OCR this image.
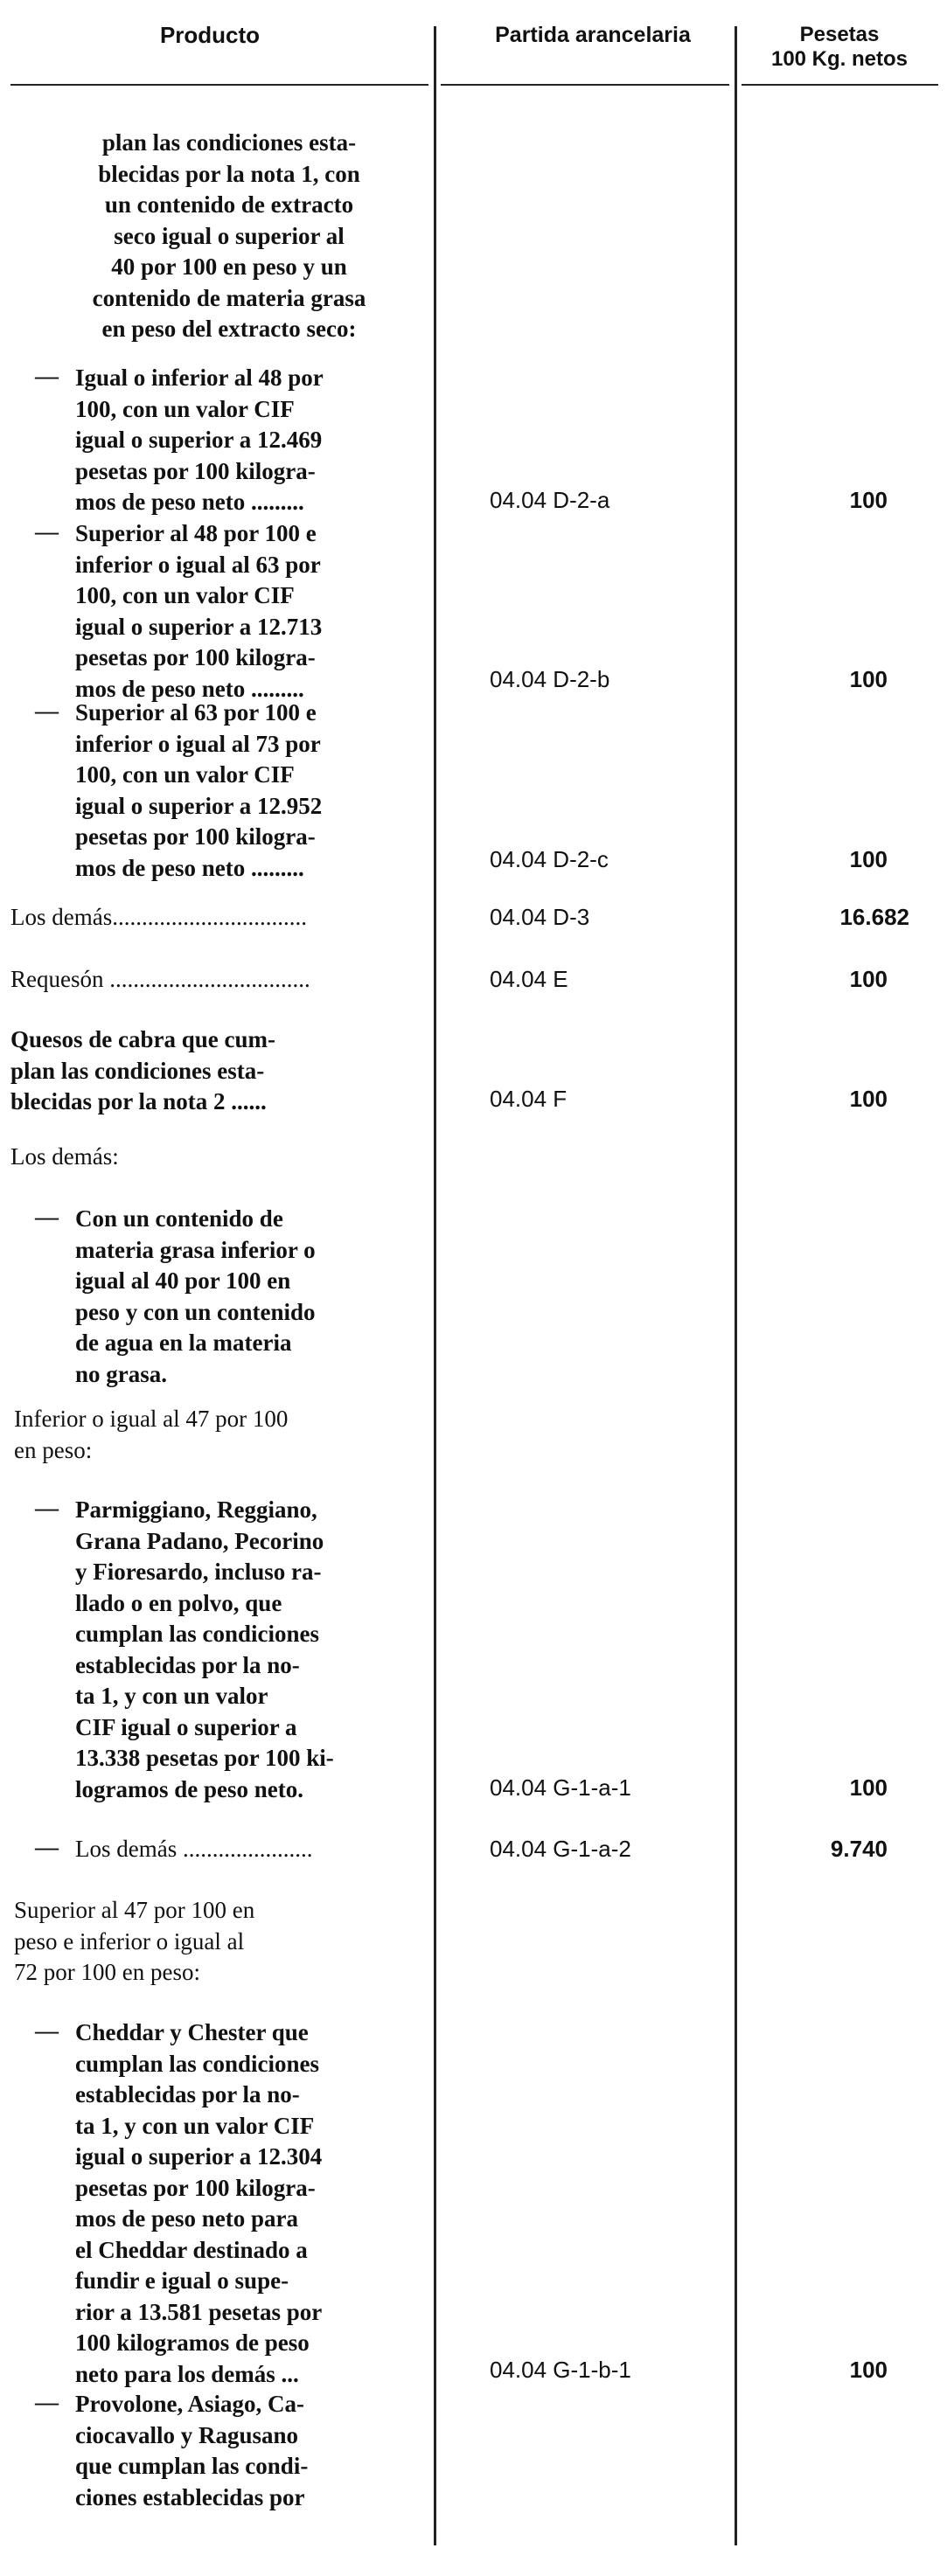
Producto	Partida arancelaria	Pesetas
100 Kg. netos
plan las condiciones esta-
blecidas por la nota 1, con
un contenido de extracto
seco igual o superior al
40 por 100 en peso y un
contenido de materia grasa
en peso del extracto seco:
— Igual o inferior al 48 por
100, con un valor CIF
igual o superior a 12.469
pesetas por 100 kilogra-
mos de peso neto .........	04.04 D-2-a	100
— Superior al 48 por 100 e
inferior o igual al 63 por
100, con un valor CIF
igual o superior a 12.713
pesetas por 100 kilogra-
mos de peso neto .........	04.04 D-2-b	100
— Superior al 63 por 100 e
inferior o igual al 73 por
100, con un valor CIF
igual o superior a 12.952
pesetas por 100 kilogra-
mos de peso neto .........	04.04 D-2-c	100
Los demás.................................	04.04 D-3	16.682
Requesón ..................................	04.04 E	100
Quesos de cabra que cum-
plan las condiciones esta-
blecidas por la nota 2 ......	04.04 F	100
Los demás:
— Con un contenido de
materia grasa inferior o
igual al 40 por 100 en
peso y con un contenido
de agua en la materia
no grasa.
Inferior o igual al 47 por 100
en peso:
— Parmiggiano, Reggiano,
Grana Padano, Pecorino
y Fioresardo, incluso ra-
llado o en polvo, que
cumplan las condiciones
establecidas por la no-
ta 1, y con un valor
CIF igual o superior a
13.338 pesetas por 100 ki-
logramos de peso neto.	04.04 G-1-a-1	100
— Los demás ......................	04.04 G-1-a-2	9.740
Superior al 47 por 100 en
peso e inferior o igual al
72 por 100 en peso:
— Cheddar y Chester que
cumplan las condiciones
establecidas por la no-
ta 1, y con un valor CIF
igual o superior a 12.304
pesetas por 100 kilogra-
mos de peso neto para
el Cheddar destinado a
fundir e igual o supe-
rior a 13.581 pesetas por
100 kilogramos de peso
neto para los demás ...	04.04 G-1-b-1	100
— Provolone, Asiago, Ca-
ciocavallo y Ragusano
que cumplan las condi-
ciones establecidas por
